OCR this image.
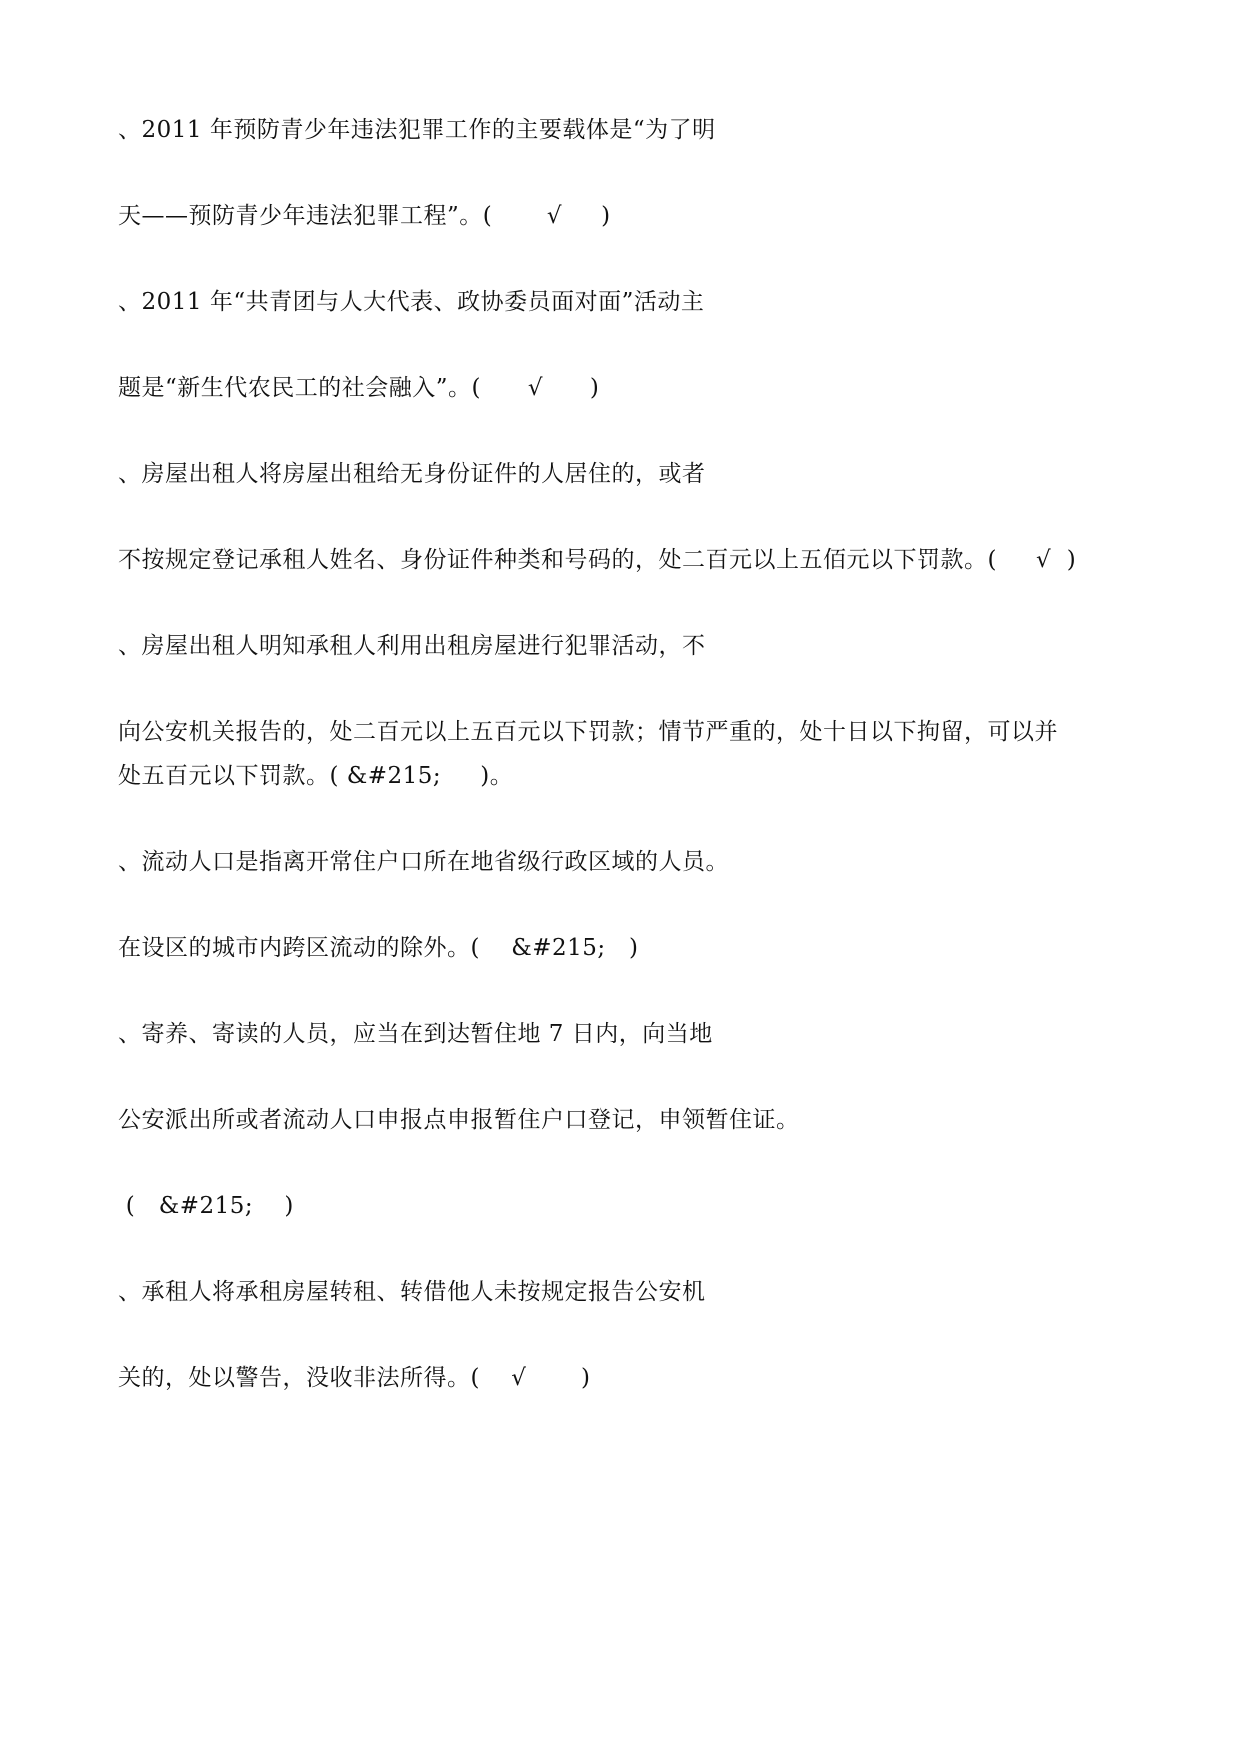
、2011 年预防青少年违法犯罪工作的主要载体是“为了明
天——预防青少年违法犯罪工程”。(       √     )
、2011 年“共青团与人大代表、政协委员面对面”活动主
题是“新生代农民工的社会融入”。(      √      )
、房屋出租人将房屋出租给无身份证件的人居住的，或者
不按规定登记承租人姓名、身份证件种类和号码的，处二百元以上五佰元以下罚款。(     √  )
、房屋出租人明知承租人利用出租房屋进行犯罪活动，不
向公安机关报告的，处二百元以上五百元以下罚款；情节严重的，处十日以下拘留，可以并
处五百元以下罚款。( &#215;     )。
、流动人口是指离开常住户口所在地省级行政区域的人员。
在设区的城市内跨区流动的除外。(    &#215;   )
、寄养、寄读的人员，应当在到达暂住地 7 日内，向当地
公安派出所或者流动人口申报点申报暂住户口登记，申领暂住证。
(   &#215;    )
、承租人将承租房屋转租、转借他人未按规定报告公安机
关的，处以警告，没收非法所得。(    √       )
